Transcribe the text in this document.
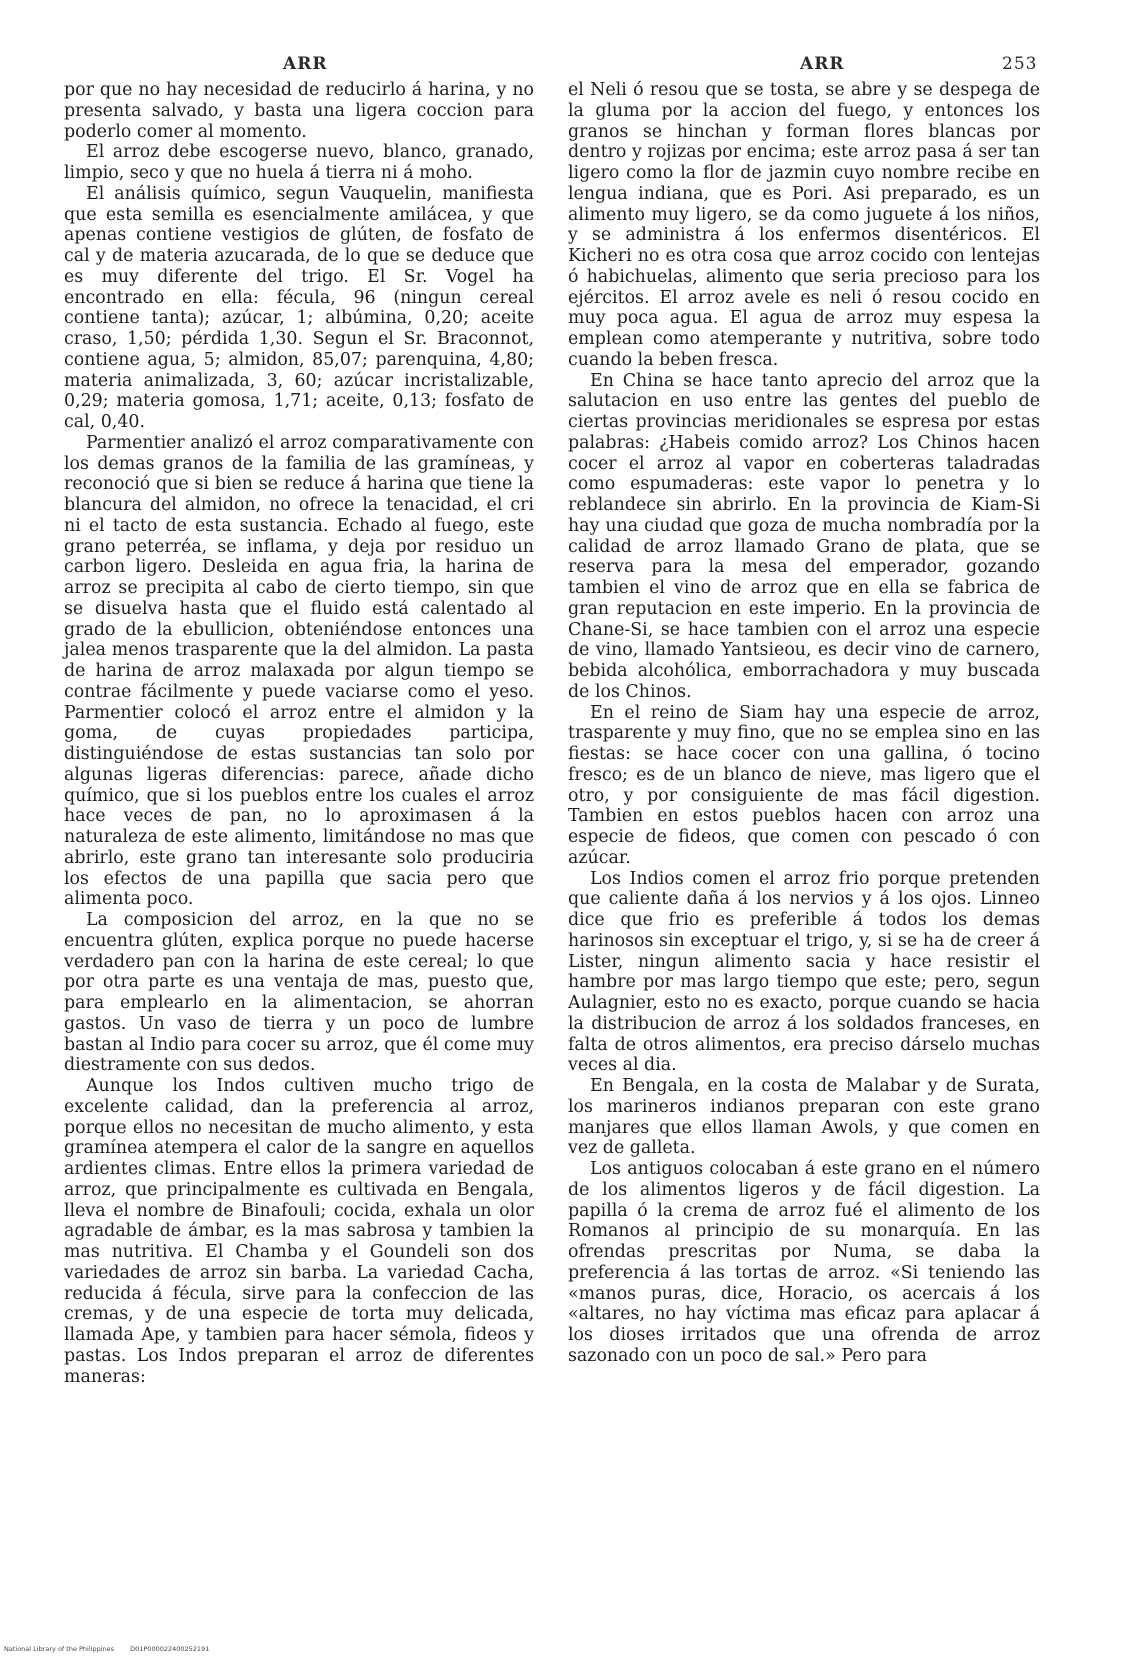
ARR	ARR	253

por que no hay necesidad de reducirlo á harina, y no presenta salvado, y basta una ligera coccion para poderlo comer al momento.

El arroz debe escogerse nuevo, blanco, granado, limpio, seco y que no huela á tierra ni á moho.

El análisis químico, segun Vauquelin, manifiesta que esta semilla es esencialmente amilácea, y que apenas contiene vestigios de glúten, de fosfato de cal y de materia azucarada, de lo que se deduce que es muy diferente del trigo. El Sr. Vogel ha encontrado en ella: fécula, 96 (ningun cereal contiene tanta); azúcar, 1; albúmina, 0,20; aceite craso, 1,50; pérdida 1,30. Segun el Sr. Braconnot, contiene agua, 5; almidon, 85,07; parenquina, 4,80; materia animalizada, 3, 60; azúcar incristalizable, 0,29; materia gomosa, 1,71; aceite, 0,13; fosfato de cal, 0,40.

Parmentier analizó el arroz comparativamente con los demas granos de la familia de las gramíneas, y reconoció que si bien se reduce á harina que tiene la blancura del almidon, no ofrece la tenacidad, el cri ni el tacto de esta sustancia. Echado al fuego, este grano peterréa, se inflama, y deja por residuo un carbon ligero. Desleida en agua fria, la harina de arroz se precipita al cabo de cierto tiempo, sin que se disuelva hasta que el fluido está calentado al grado de la ebullicion, obteniéndose entonces una jalea menos trasparente que la del almidon. La pasta de harina de arroz malaxada por algun tiempo se contrae fácilmente y puede vaciarse como el yeso. Parmentier colocó el arroz entre el almidon y la goma, de cuyas propiedades participa, distinguiéndose de estas sustancias tan solo por algunas ligeras diferencias: parece, añade dicho químico, que si los pueblos entre los cuales el arroz hace veces de pan, no lo aproximasen á la naturaleza de este alimento, limitándose no mas que abrirlo, este grano tan interesante solo produciria los efectos de una papilla que sacia pero que alimenta poco.

La composicion del arroz, en la que no se encuentra glúten, explica porque no puede hacerse verdadero pan con la harina de este cereal; lo que por otra parte es una ventaja de mas, puesto que, para emplearlo en la alimentacion, se ahorran gastos. Un vaso de tierra y un poco de lumbre bastan al Indio para cocer su arroz, que él come muy diestramente con sus dedos.

Aunque los Indos cultiven mucho trigo de excelente calidad, dan la preferencia al arroz, porque ellos no necesitan de mucho alimento, y esta gramínea atempera el calor de la sangre en aquellos ardientes climas. Entre ellos la primera variedad de arroz, que principalmente es cultivada en Bengala, lleva el nombre de Binafouli; cocida, exhala un olor agradable de ámbar, es la mas sabrosa y tambien la mas nutritiva. El Chamba y el Goundeli son dos variedades de arroz sin barba. La variedad Cacha, reducida á fécula, sirve para la confeccion de las cremas, y de una especie de torta muy delicada, llamada Ape, y tambien para hacer sémola, fideos y pastas. Los Indos preparan el arroz de diferentes maneras:

el Neli ó resou que se tosta, se abre y se despega de la gluma por la accion del fuego, y entonces los granos se hinchan y forman flores blancas por dentro y rojizas por encima; este arroz pasa á ser tan ligero como la flor de jazmin cuyo nombre recibe en lengua indiana, que es Pori. Asi preparado, es un alimento muy ligero, se da como juguete á los niños, y se administra á los enfermos disentéricos. El Kicheri no es otra cosa que arroz cocido con lentejas ó habichuelas, alimento que seria precioso para los ejércitos. El arroz avele es neli ó resou cocido en muy poca agua. El agua de arroz muy espesa la emplean como atemperante y nutritiva, sobre todo cuando la beben fresca.

En China se hace tanto aprecio del arroz que la salutacion en uso entre las gentes del pueblo de ciertas provincias meridionales se espresa por estas palabras: ¿Habeis comido arroz? Los Chinos hacen cocer el arroz al vapor en coberteras taladradas como espumaderas: este vapor lo penetra y lo reblandece sin abrirlo. En la provincia de Kiam-Si hay una ciudad que goza de mucha nombradía por la calidad de arroz llamado Grano de plata, que se reserva para la mesa del emperador, gozando tambien el vino de arroz que en ella se fabrica de gran reputacion en este imperio. En la provincia de Chane-Si, se hace tambien con el arroz una especie de vino, llamado Yantsiеou, es decir vino de carnero, bebida alcohólica, emborrachadora y muy buscada de los Chinos.

En el reino de Siam hay una especie de arroz, trasparente y muy fino, que no se emplea sino en las fiestas: se hace cocer con una gallina, ó tocino fresco; es de un blanco de nieve, mas ligero que el otro, y por consiguiente de mas fácil digestion. Tambien en estos pueblos hacen con arroz una especie de fideos, que comen con pescado ó con azúcar.

Los Indios comen el arroz frio porque pretenden que caliente daña á los nervios y á los ojos. Linneo dice que frio es preferible á todos los demas harinosos sin exceptuar el trigo, y, si se ha de creer á Lister, ningun alimento sacia y hace resistir el hambre por mas largo tiempo que este; pero, segun Aulagnier, esto no es exacto, porque cuando se hacia la distribucion de arroz á los soldados franceses, en falta de otros alimentos, era preciso dárselo muchas veces al dia.

En Bengala, en la costa de Malabar y de Surata, los marineros indianos preparan con este grano manjares que ellos llaman Awols, y que comen en vez de galleta.

Los antiguos colocaban á este grano en el número de los alimentos ligeros y de fácil digestion. La papilla ó la crema de arroz fué el alimento de los Romanos al principio de su monarquía. En las ofrendas prescritas por Numa, se daba la preferencia á las tortas de arroz. «Si teniendo las «manos puras, dice, Horacio, os acercais á los «altares, no hay víctima mas eficaz para aplacar á los dioses irritados que una ofrenda de arroz sazonado con un poco de sal.» Pero para

National Library of the Philippines D01P000022400252191
